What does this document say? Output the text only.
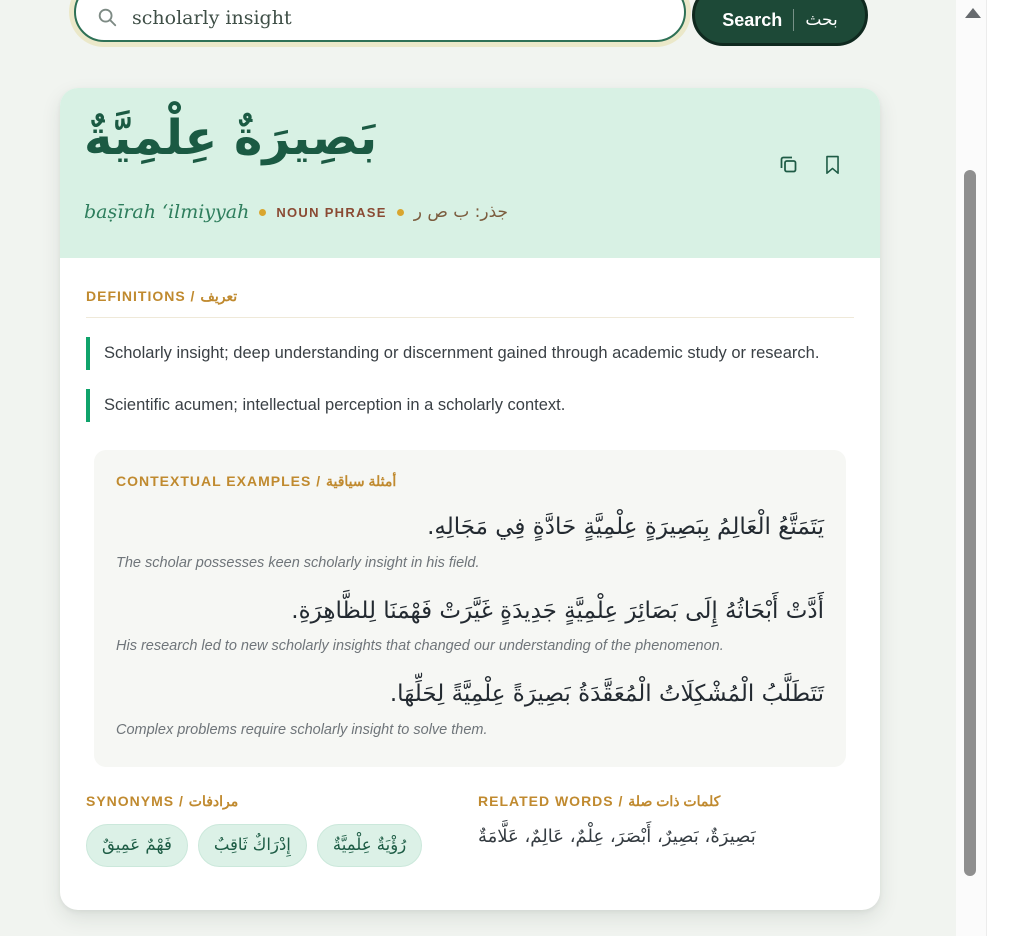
scholarly insight
Search بحث
بَصِيرَةٌ عِلْمِيَّةٌ
baṣīrah ‘ilmiyyah NOUN PHRASE جذر: ب ص ر
DEFINITIONS / تعريف
Scholarly insight; deep understanding or discernment gained through academic study or research.
Scientific acumen; intellectual perception in a scholarly context.
CONTEXTUAL EXAMPLES / أمثلة سياقية
يَتَمَتَّعُ الْعَالِمُ بِبَصِيرَةٍ عِلْمِيَّةٍ حَادَّةٍ فِي مَجَالِهِ.
The scholar possesses keen scholarly insight in his field.
أَدَّتْ أَبْحَاثُهُ إِلَى بَصَائِرَ عِلْمِيَّةٍ جَدِيدَةٍ غَيَّرَتْ فَهْمَنَا لِلظَّاهِرَةِ.
His research led to new scholarly insights that changed our understanding of the phenomenon.
تَتَطَلَّبُ الْمُشْكِلَاتُ الْمُعَقَّدَةُ بَصِيرَةً عِلْمِيَّةً لِحَلِّهَا.
Complex problems require scholarly insight to solve them.
SYNONYMS / مرادفات
رُؤْيَةٌ عِلْمِيَّةٌ
إِدْرَاكٌ ثَاقِبٌ
فَهْمٌ عَمِيقٌ
RELATED WORDS / كلمات ذات صلة
بَصِيرَةٌ، بَصِيرٌ، أَبْصَرَ، عِلْمٌ، عَالِمٌ، عَلَّامَةٌ
